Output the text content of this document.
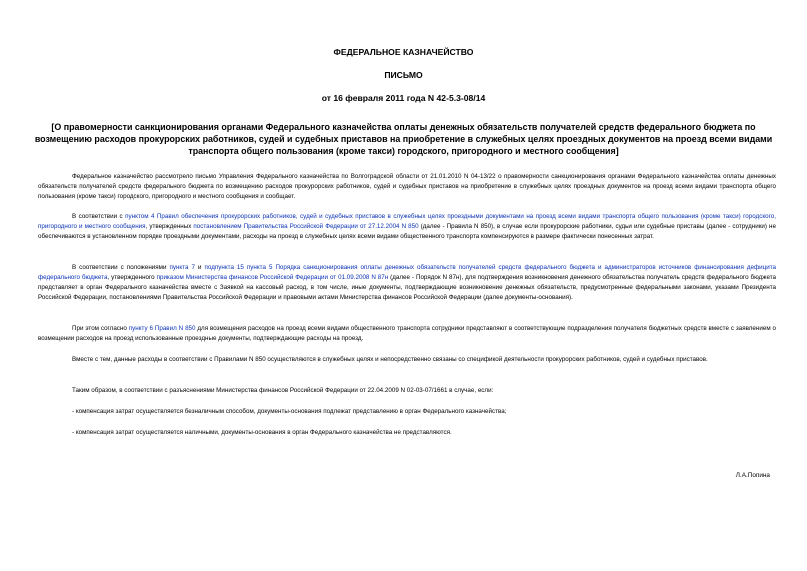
ФЕДЕРАЛЬНОЕ КАЗНАЧЕЙСТВО
ПИСЬМО
от 16 февраля 2011 года N 42-5.3-08/14
[О правомерности санкционирования органами Федерального казначейства оплаты денежных обязательств получателей средств федерального бюджета по возмещению расходов прокурорских работников, судей и судебных приставов на приобретение в служебных целях проездных документов на проезд всеми видами транспорта общего пользования (кроме такси) городского, пригородного и местного сообщения]
Федеральное казначейство рассмотрело письмо Управления Федерального казначейства по Волгоградской области от 21.01.2010 N 04-13/22 о правомерности санкционирования органами Федерального казначейства оплаты денежных обязательств получателей средств федерального бюджета по возмещению расходов прокурорских работников, судей и судебных приставов на приобретение в служебных целях проездных документов на проезд всеми видами транспорта общего пользования (кроме такси) городского, пригородного и местного сообщения и сообщает.
В соответствии с пунктом 4 Правил обеспечения прокурорских работников, судей и судебных приставов в служебных целях проездными документами на проезд всеми видами транспорта общего пользования (кроме такси) городского, пригородного и местного сообщения, утвержденных постановлением Правительства Российской Федерации от 27.12.2004 N 850 (далее - Правила N 850), в случае если прокурорские работники, судьи или судебные приставы (далее - сотрудники) не обеспечиваются в установленном порядке проездными документами, расходы на проезд в служебных целях всеми видами общественного транспорта компенсируются в размере фактически понесенных затрат.
В соответствии с положениями пункта 7 и подпункта 15 пункта 5 Порядка санкционирования оплаты денежных обязательств получателей средств федерального бюджета и администраторов источников финансирования дефицита федерального бюджета, утвержденного приказом Министерства финансов Российской Федерации от 01.09.2008 N 87н (далее - Порядок N 87н), для подтверждения возникновения денежного обязательства получатель средств федерального бюджета представляет в орган Федерального казначейства вместе с Заявкой на кассовый расход, в том числе, иные документы, подтверждающие возникновение денежных обязательств, предусмотренные федеральными законами, указами Президента Российской Федерации, постановлениями Правительства Российской Федерации и правовыми актами Министерства финансов Российской Федерации (далее документы-основания).
При этом согласно пункту 6 Правил N 850 для возмещения расходов на проезд всеми видами общественного транспорта сотрудники представляют в соответствующие подразделения получателя бюджетных средств вместе с заявлением о возмещении расходов на проезд использованные проездные документы, подтверждающие расходы на проезд.
Вместе с тем, данные расходы в соответствии с Правилами N 850 осуществляются в служебных целях и непосредственно связаны со спецификой деятельности прокурорских работников, судей и судебных приставов.
Таким образом, в соответствии с разъяснениями Министерства финансов Российской Федерации от 22.04.2009 N 02-03-07/1661 в случае, если:
- компенсация затрат осуществляется безналичным способом, документы-основания подлежат представлению в орган Федерального казначейства;
- компенсация затрат осуществляется наличными, документы-основания в орган Федерального казначейства не представляются.
Л.А.Попина
